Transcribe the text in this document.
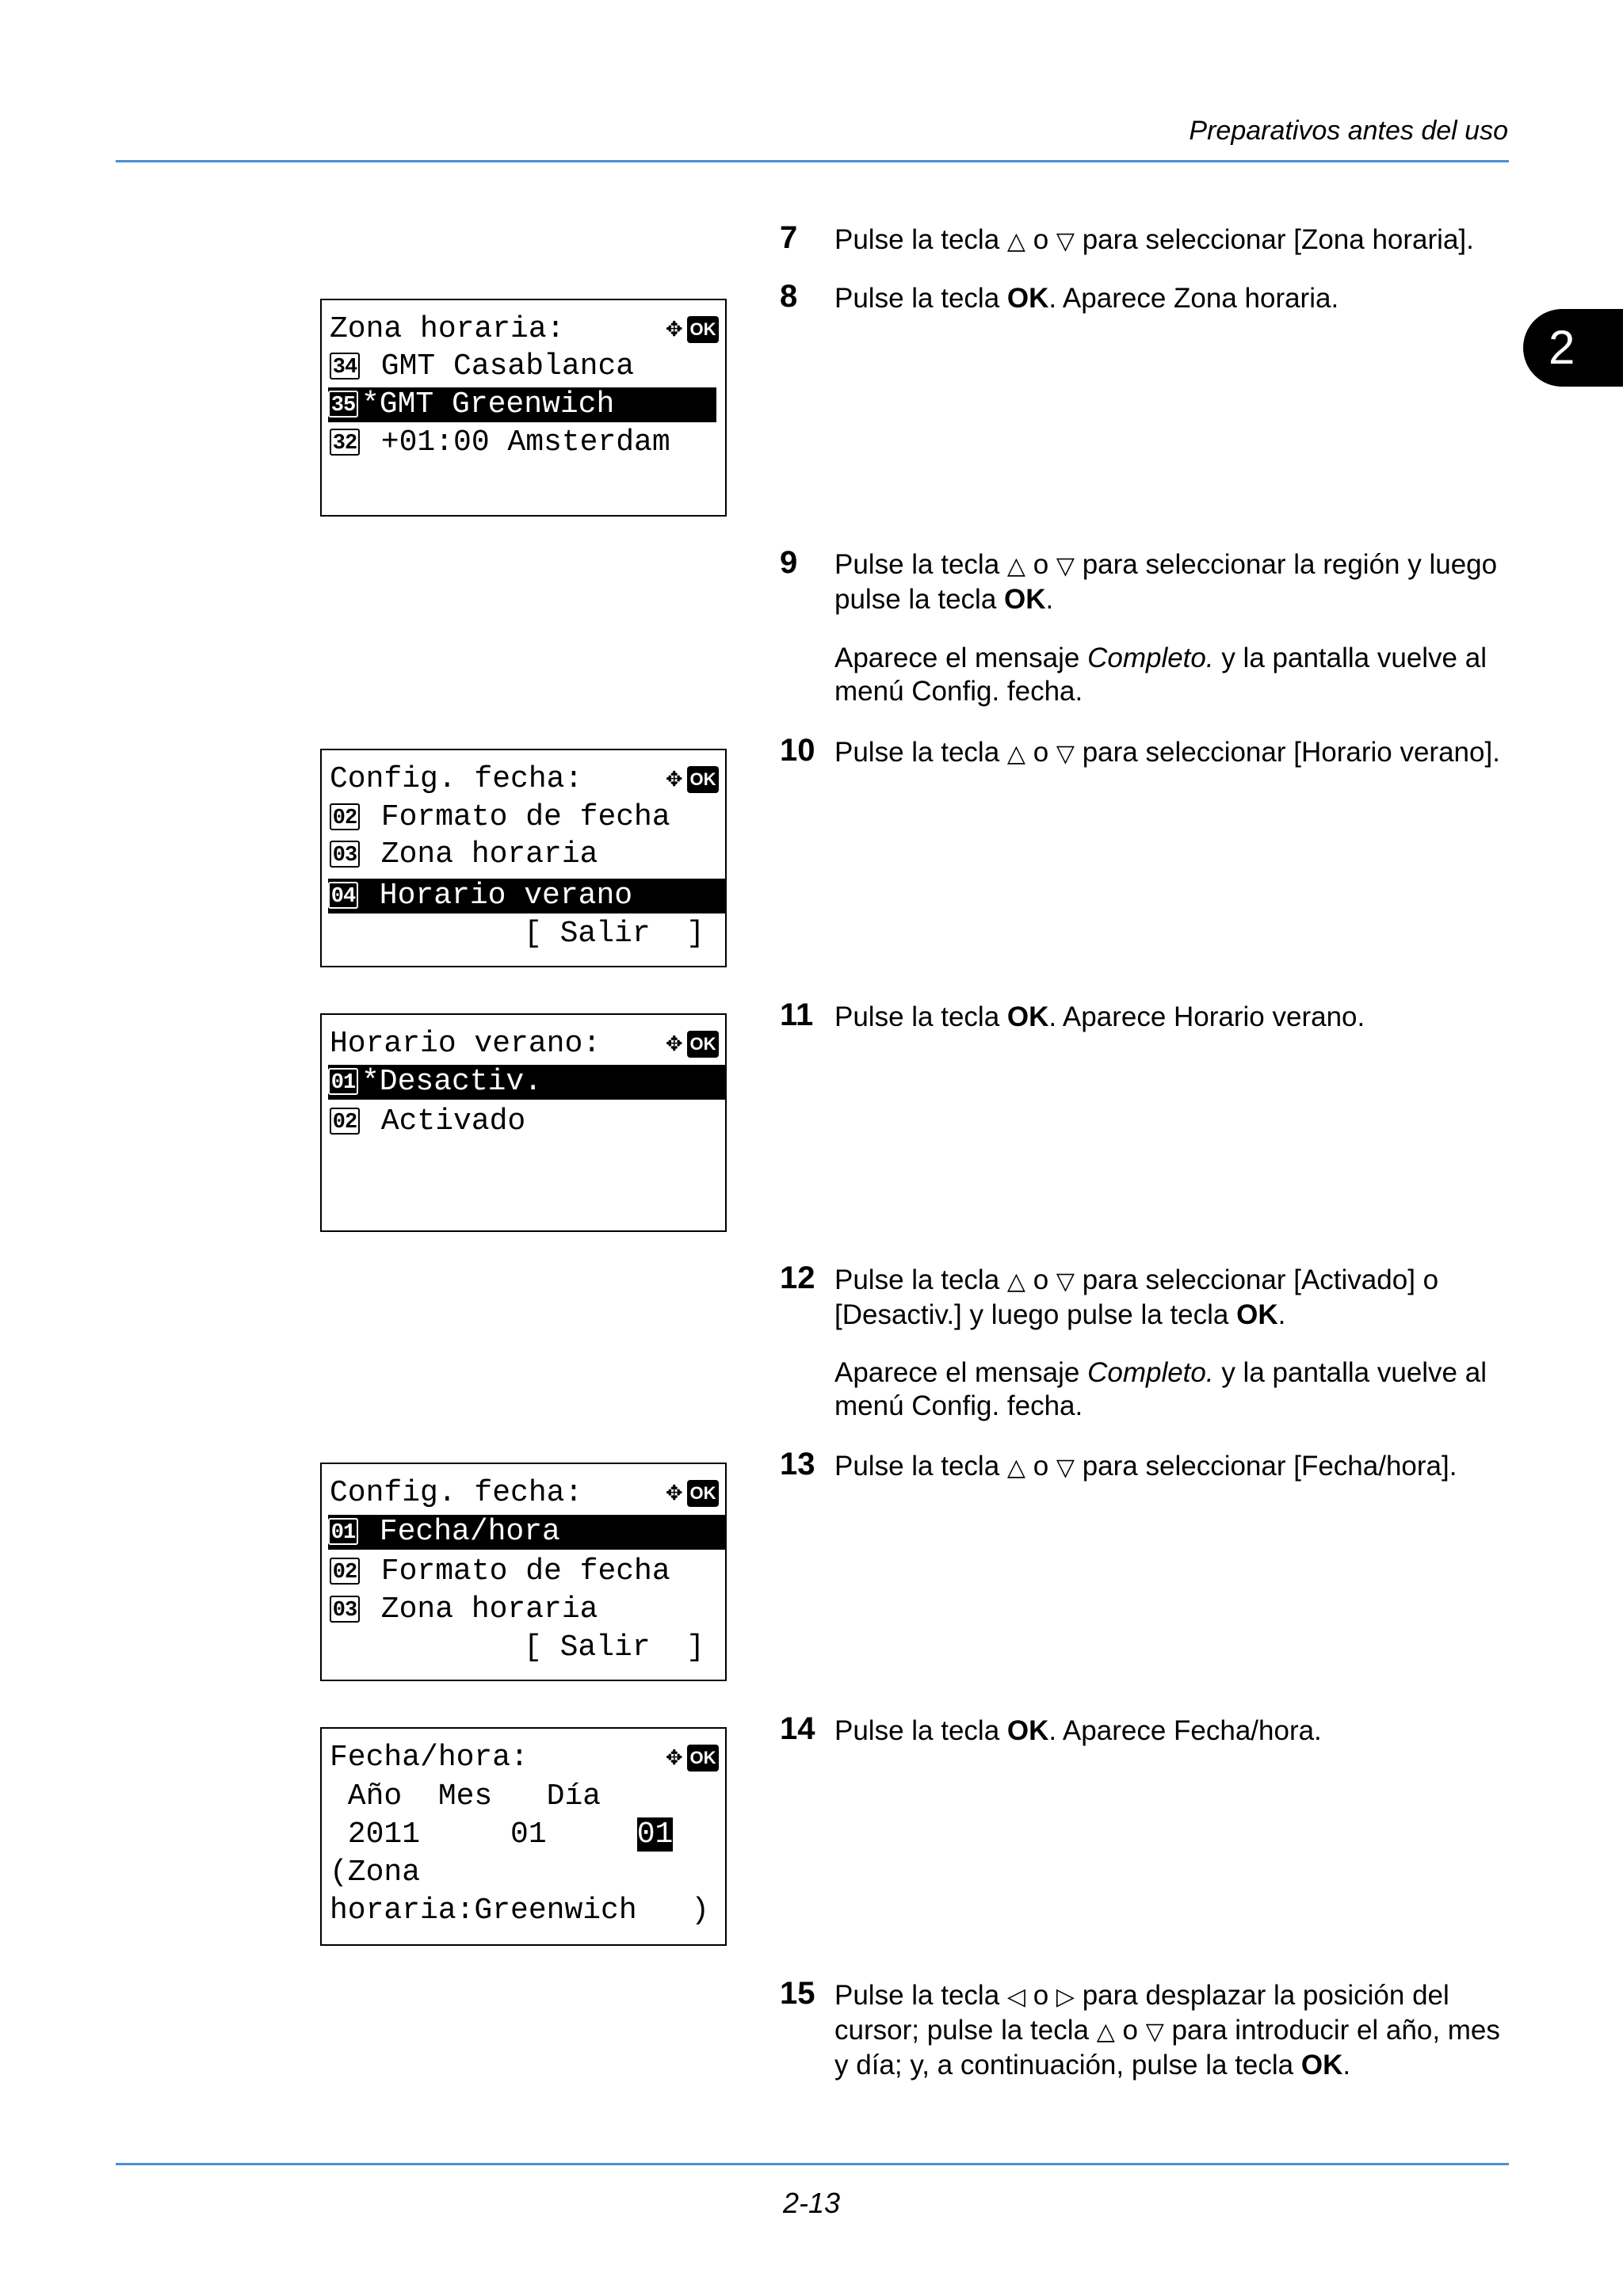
Preparativos antes del uso
2
Zona horaria:	✥ OK
34 GMT Casablanca
35 *GMT Greenwich
32 +01:00 Amsterdam
Config. fecha:	✥ OK
02 Formato de fecha
03 Zona horaria
04 Horario verano
[ Salir  ]
Horario verano: ✥ OK
01 *Desactiv.
02 Activado
Config. fecha:	✥ OK
01 Fecha/hora
02 Formato de fecha
03 Zona horaria
[ Salir  ]
Fecha/hora:	✥ OK
Año  Mes   Día
2011     01	01
(Zona
horaria:Greenwich   )
7 Pulse la tecla △ o ▽ para seleccionar [Zona horaria].
8 Pulse la tecla OK. Aparece Zona horaria.
9 Pulse la tecla △ o ▽ para seleccionar la región y luego pulse la tecla OK.
Aparece el mensaje Completo. y la pantalla vuelve al menú Config. fecha.
10 Pulse la tecla △ o ▽ para seleccionar [Horario verano].
11 Pulse la tecla OK. Aparece Horario verano.
12 Pulse la tecla △ o ▽ para seleccionar [Activado] o [Desactiv.] y luego pulse la tecla OK.
Aparece el mensaje Completo. y la pantalla vuelve al menú Config. fecha.
13 Pulse la tecla △ o ▽ para seleccionar [Fecha/hora].
14 Pulse la tecla OK. Aparece Fecha/hora.
15 Pulse la tecla ◁ o ▷ para desplazar la posición del cursor; pulse la tecla △ o ▽ para introducir el año, mes y día; y, a continuación, pulse la tecla OK.
2-13
